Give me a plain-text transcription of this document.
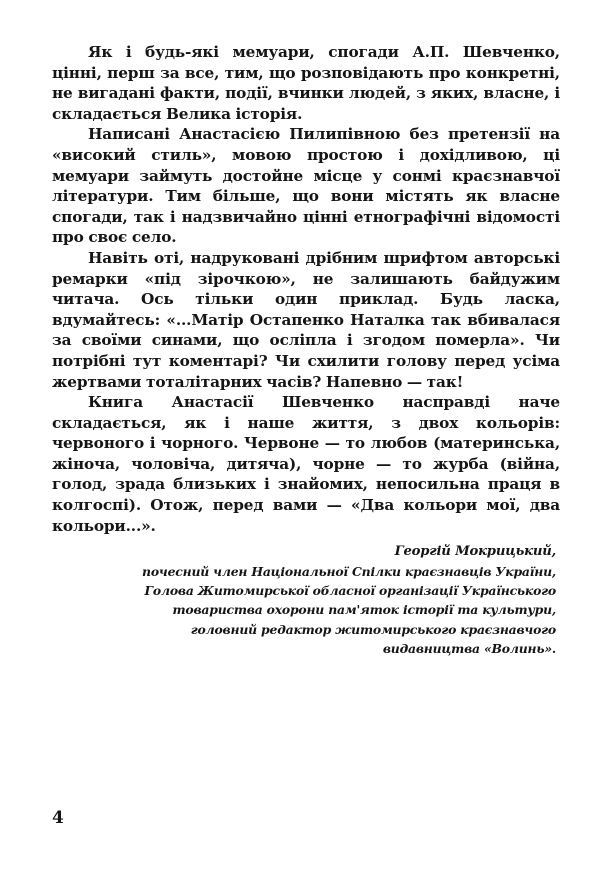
Як і будь-які мемуари, спогади А.П. Шевченко, цінні, перш за все, тим, що розповідають про конкретні, не вигадані факти, події, вчинки людей, з яких, власне, і складається Велика історія.

Написані Анастасією Пилипівною без претензії на «високий стиль», мовою простою і дохідливою, ці мемуари займуть достойне місце у сонмі краєзнавчої літератури. Тим більше, що вони містять як власне спогади, так і надзвичайно цінні етнографічні відомості про своє село.

Навіть оті, надруковані дрібним шрифтом авторські ремарки «під зірочкою», не залишають байдужим читача. Ось тільки один приклад. Будь ласка, вдумайтесь: «...Матір Остапенко Наталка так вбивалася за своїми синами, що осліпла і згодом померла». Чи потрібні тут коментарі? Чи схилити голову перед усіма жертвами тоталітарних часів? Напевно — так!

Книга Анастасії Шевченко насправді наче складається, як і наше життя, з двох кольорів: червоного і чорного. Червоне — то любов (материнська, жіноча, чоловіча, дитяча), чорне — то журба (війна, голод, зрада близьких і знайомих, непосильна праця в колгоспі). Отож, перед вами — «Два кольори мої, два кольори...».

Георгій Мокрицький,
почесний член Національної Спілки краєзнавців України,
Голова Житомирської обласної організації Українського
товариства охорони пам'яток історії та культури,
головний редактор житомирського краєзнавчого
видавництва «Волинь».
4
